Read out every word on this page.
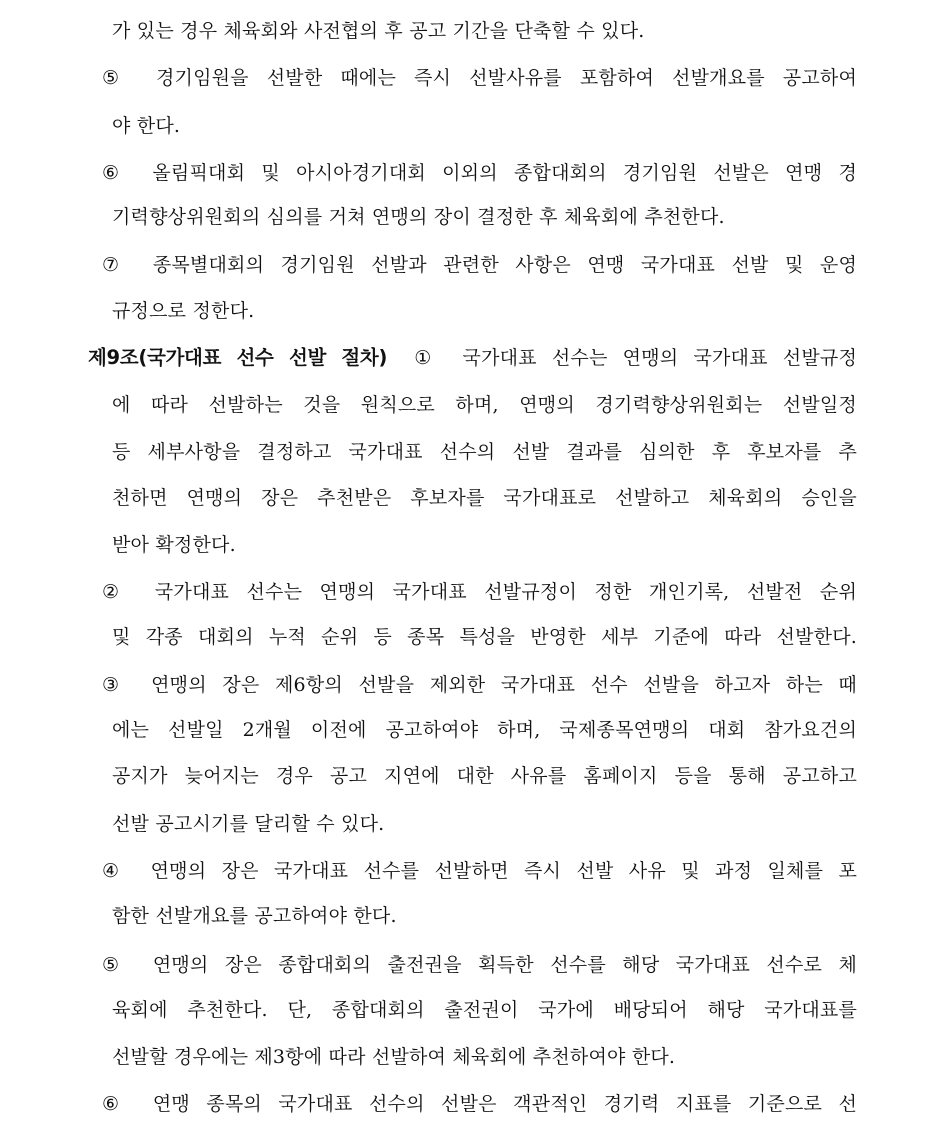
가 있는 경우 체육회와 사전협의 후 공고 기간을 단축할 수 있다.
⑤ 경기임원을 선발한 때에는 즉시 선발사유를 포함하여 선발개요를 공고하여
야 한다.
⑥ 올림픽대회 및 아시아경기대회 이외의 종합대회의 경기임원 선발은 연맹 경
기력향상위원회의 심의를 거쳐 연맹의 장이 결정한 후 체육회에 추천한다.
⑦ 종목별대회의 경기임원 선발과 관련한 사항은 연맹 국가대표 선발 및 운영
규정으로 정한다.
제9조(국가대표 선수 선발 절차) ① 국가대표 선수는 연맹의 국가대표 선발규정
에 따라 선발하는 것을 원칙으로 하며, 연맹의 경기력향상위원회는 선발일정
등 세부사항을 결정하고 국가대표 선수의 선발 결과를 심의한 후 후보자를 추
천하면 연맹의 장은 추천받은 후보자를 국가대표로 선발하고 체육회의 승인을
받아 확정한다.
② 국가대표 선수는 연맹의 국가대표 선발규정이 정한 개인기록, 선발전 순위
및 각종 대회의 누적 순위 등 종목 특성을 반영한 세부 기준에 따라 선발한다.
③ 연맹의 장은 제6항의 선발을 제외한 국가대표 선수 선발을 하고자 하는 때
에는 선발일 2개월 이전에 공고하여야 하며, 국제종목연맹의 대회 참가요건의
공지가 늦어지는 경우 공고 지연에 대한 사유를 홈페이지 등을 통해 공고하고
선발 공고시기를 달리할 수 있다.
④ 연맹의 장은 국가대표 선수를 선발하면 즉시 선발 사유 및 과정 일체를 포
함한 선발개요를 공고하여야 한다.
⑤ 연맹의 장은 종합대회의 출전권을 획득한 선수를 해당 국가대표 선수로 체
육회에 추천한다. 단, 종합대회의 출전권이 국가에 배당되어 해당 국가대표를
선발할 경우에는 제3항에 따라 선발하여 체육회에 추천하여야 한다.
⑥ 연맹 종목의 국가대표 선수의 선발은 객관적인 경기력 지표를 기준으로 선
